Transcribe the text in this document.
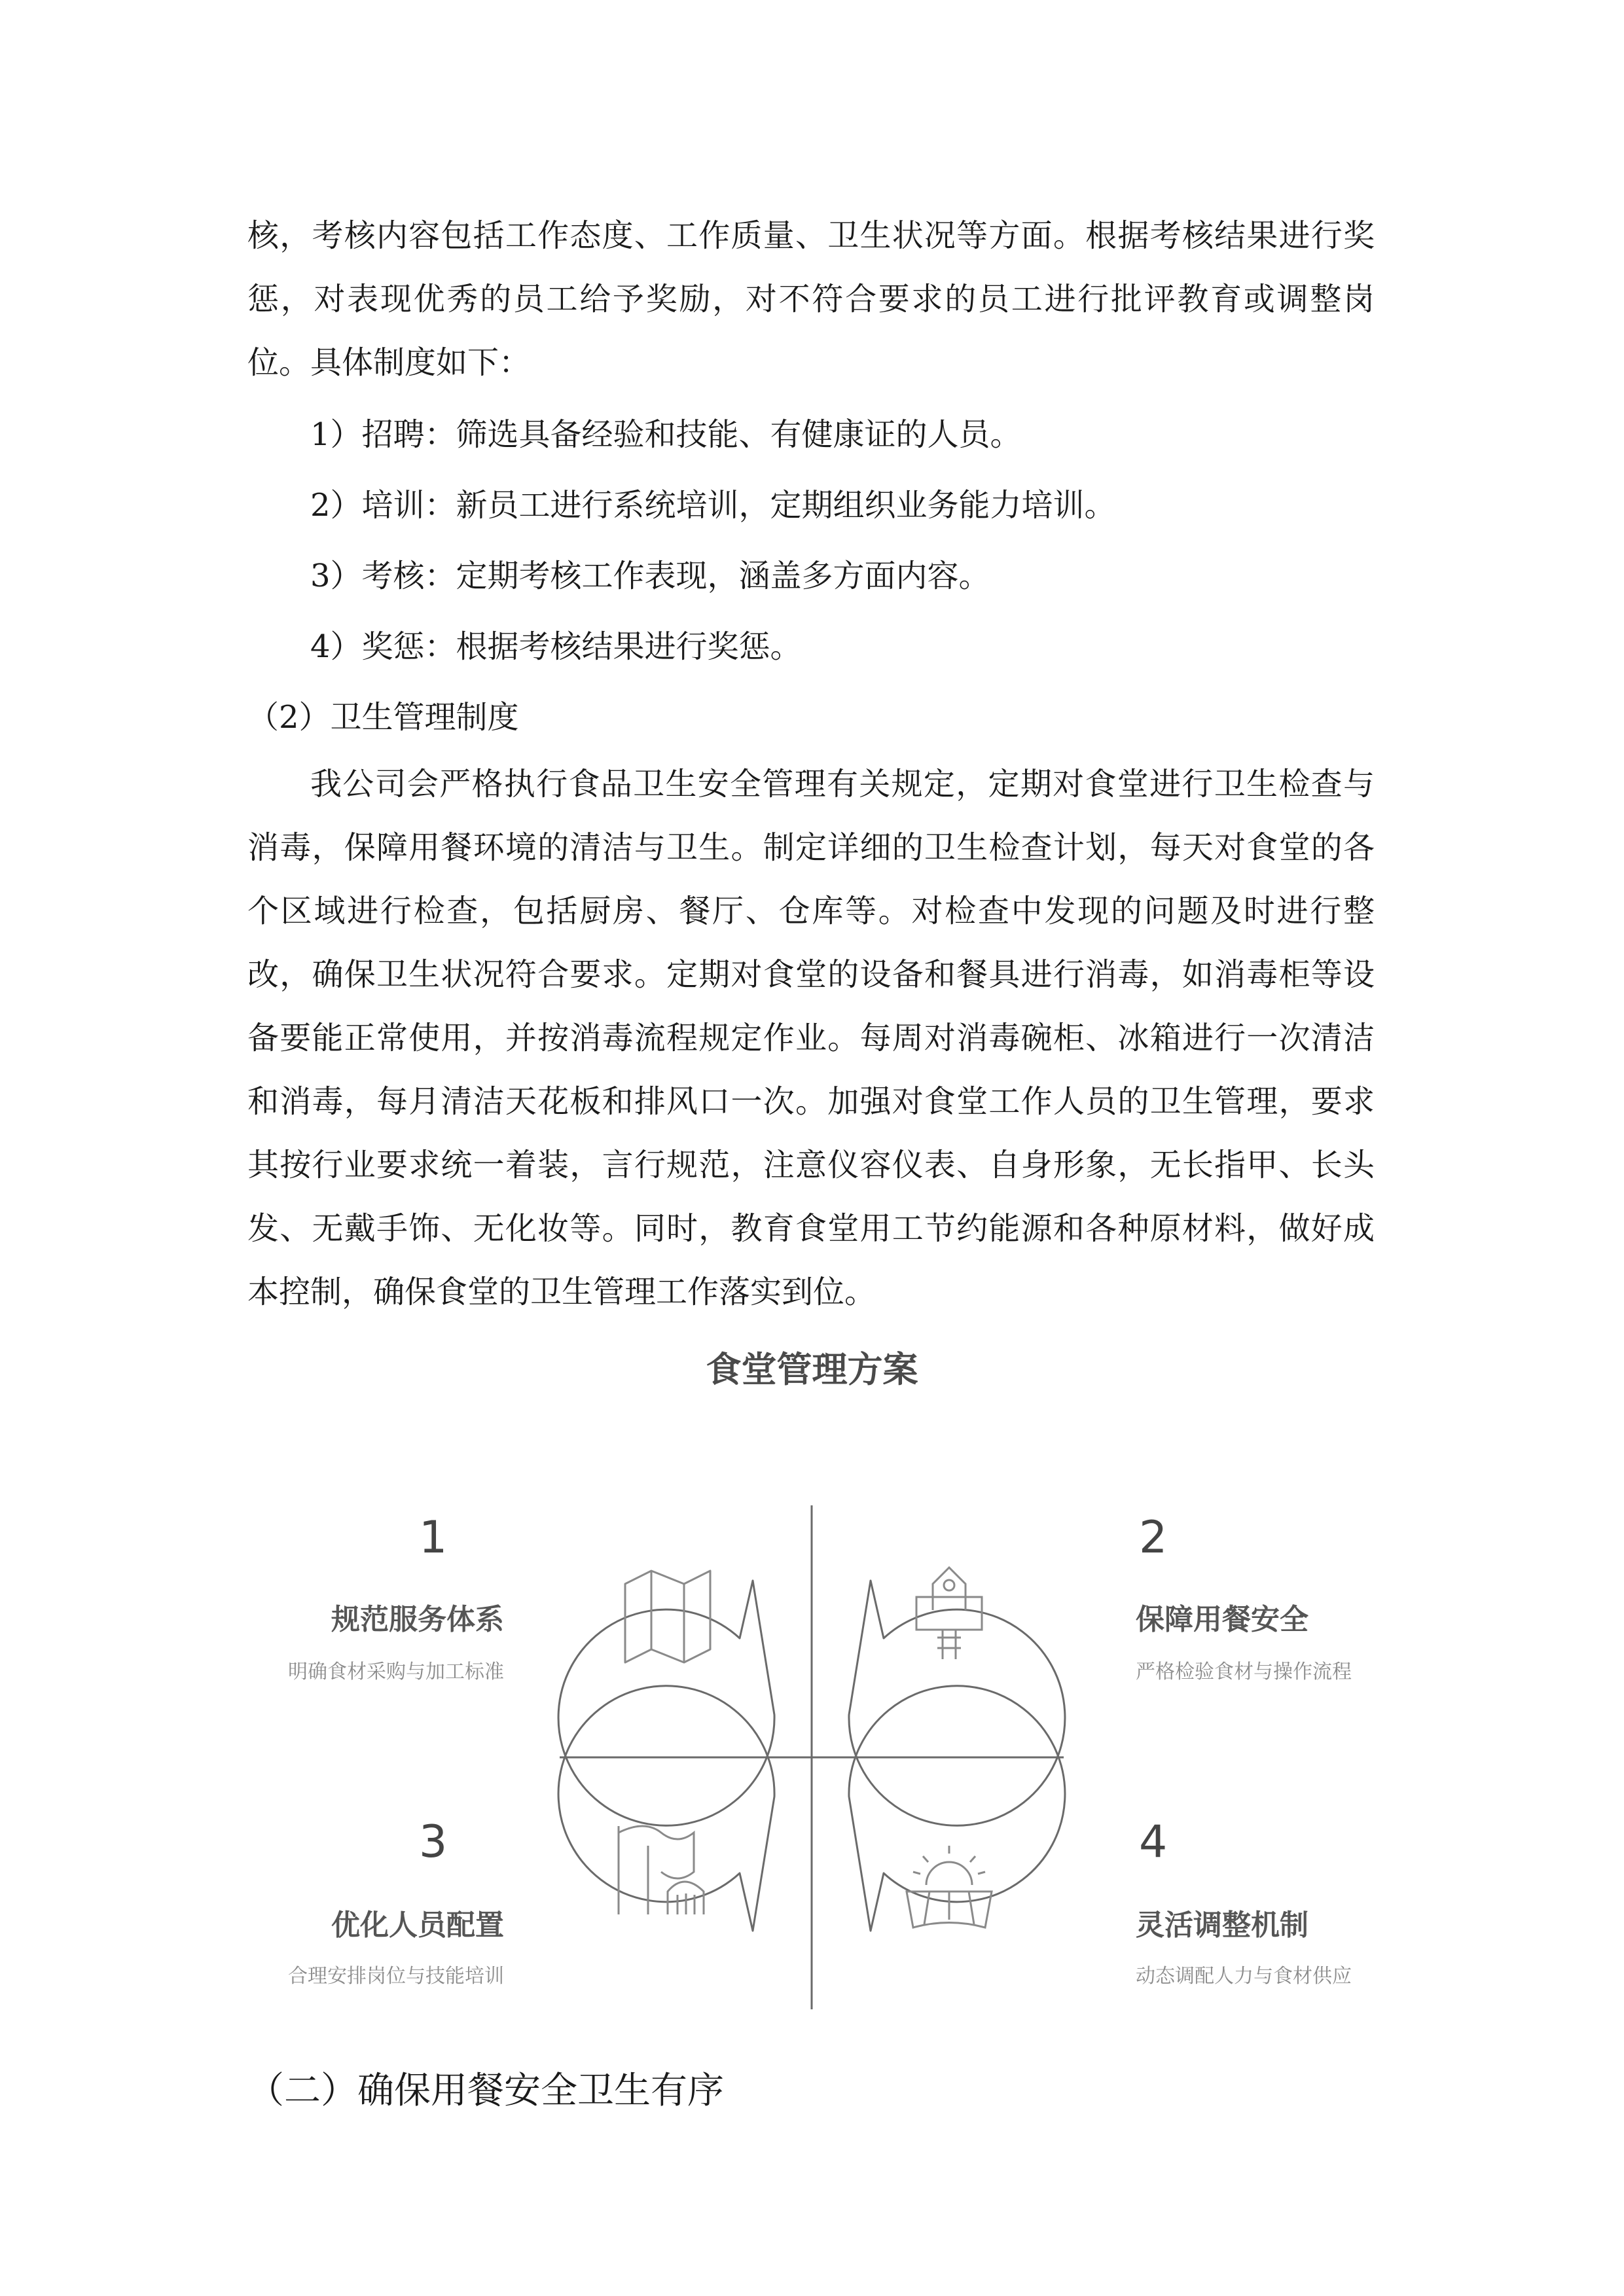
核，考核内容包括工作态度、工作质量、卫生状况等方面。根据考核结果进行奖惩，对表现优秀的员工给予奖励，对不符合要求的员工进行批评教育或调整岗位。具体制度如下：

1）招聘：筛选具备经验和技能、有健康证的人员。

2）培训：新员工进行系统培训，定期组织业务能力培训。

3）考核：定期考核工作表现，涵盖多方面内容。

4）奖惩：根据考核结果进行奖惩。

（2）卫生管理制度

我公司会严格执行食品卫生安全管理有关规定，定期对食堂进行卫生检查与消毒，保障用餐环境的清洁与卫生。制定详细的卫生检查计划，每天对食堂的各个区域进行检查，包括厨房、餐厅、仓库等。对检查中发现的问题及时进行整改，确保卫生状况符合要求。定期对食堂的设备和餐具进行消毒，如消毒柜等设备要能正常使用，并按消毒流程规定作业。每周对消毒碗柜、冰箱进行一次清洁和消毒，每月清洁天花板和排风口一次。加强对食堂工作人员的卫生管理，要求其按行业要求统一着装，言行规范，注意仪容仪表、自身形象，无长指甲、长头发、无戴手饰、无化妆等。同时，教育食堂用工节约能源和各种原材料，做好成本控制，确保食堂的卫生管理工作落实到位。

食堂管理方案
1
规范服务体系
明确食材采购与加工标准
2
保障用餐安全
严格检验食材与操作流程
3
优化人员配置
合理安排岗位与技能培训
4
灵活调整机制
动态调配人力与食材供应
（二）确保用餐安全卫生有序
